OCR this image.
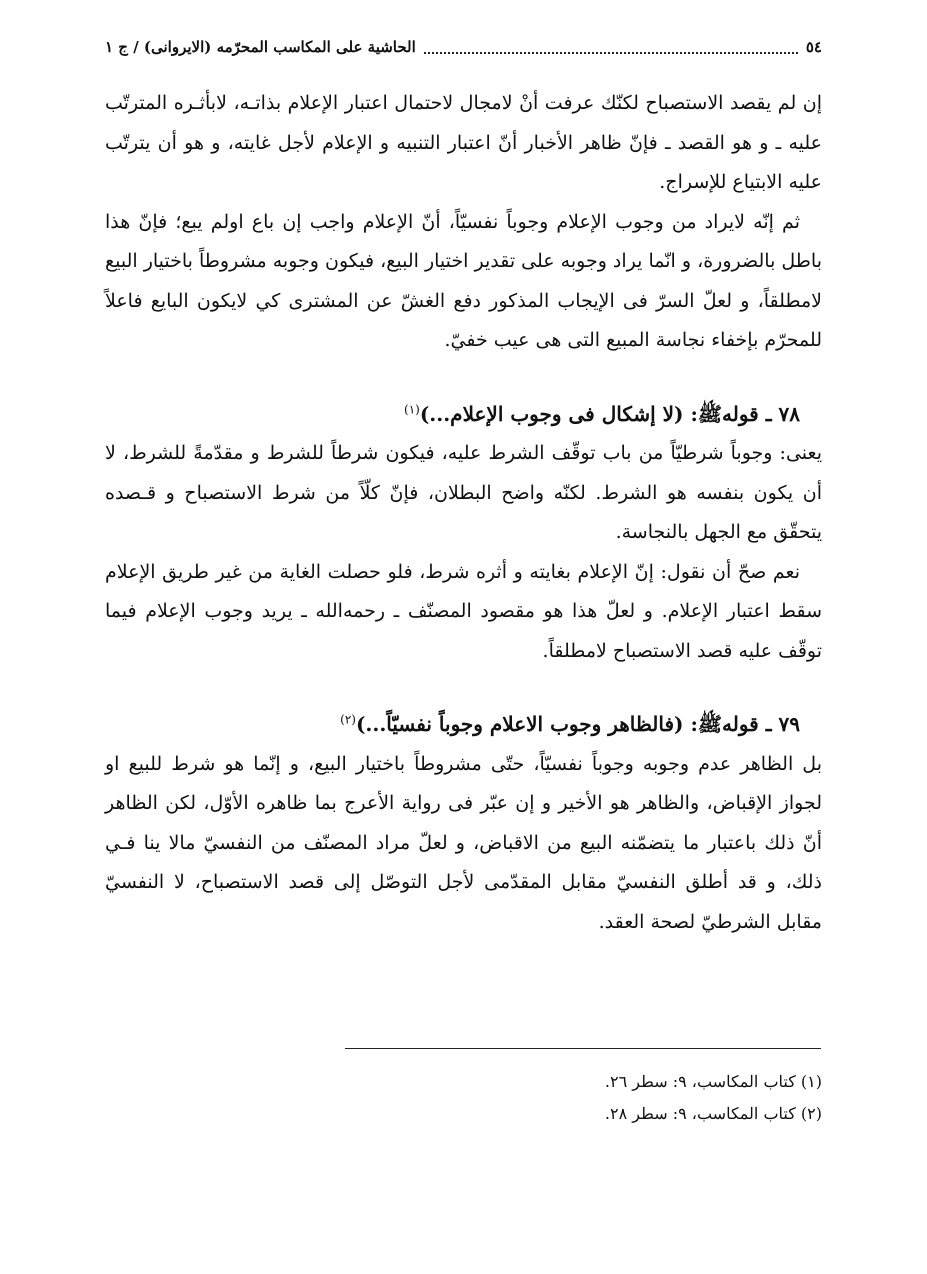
٥٤
الحاشية على المكاسب المحرّمه (الايروانى) / ج ١

إن لم يقصد الاستصباح لكنّك عرفت أنْ لامجال لاحتمال اعتبار الإعلام بذاتـه، لابأثـره المترتّب عليه ـ و هو القصد ـ فإنّ ظاهر الأخبار أنّ اعتبار التنبيه و الإعلام لأجل غايته، و هو أن يترتّب عليه الابتياع للإسراج.

ثم إنّه لايراد من وجوب الإعلام وجوباً نفسيّاً، أنّ الإعلام واجب إن باع اولم يبع؛ فإنّ هذا باطل بالضرورة، و انّما يراد وجوبه على تقدير اختيار البيع، فيكون وجوبه مشروطاً باختيار البيع لامطلقاً، و لعلّ السرّ فى الإيجاب المذكور دفع الغشّ عن المشترى كي لايكون البايع فاعلاً للمحرّم بإخفاء نجاسة المبيع التى هى عيب خفيّ.

٧٨ ـ قوله‌ﷺ: (لا إشكال فى وجوب الإعلام...)$^{(١)}$

يعنى: وجوباً شرطيّاً من باب توقّف الشرط عليه، فيكون شرطاً للشرط و مقدّمةً للشرط، لا أن يكون بنفسه هو الشرط. لكنّه واضح البطلان، فإنّ كلّاً من شرط الاستصباح و قـصده يتحقّق مع الجهل بالنجاسة.

نعم صحّ أن نقول: إنّ الإعلام بغايته و أثره شرط، فلو حصلت الغاية من غير طريق الإعلام سقط اعتبار الإعلام. و لعلّ هذا هو مقصود المصنّف ـ رحمه‌الله ـ يريد وجوب الإعلام فيما توقّف عليه قصد الاستصباح لامطلقاً.

٧٩ ـ قوله‌ﷺ: (فالظاهر وجوب الاعلام وجوباً نفسيّاً...)$^{(٢)}$

بل الظاهر عدم وجوبه وجوباً نفسيّاً، حتّى مشروطاً باختيار البيع، و إنّما هو شرط للبيع او لجواز الإقباض، والظاهر هو الأخير و إن عبّر فى رواية الأعرج بما ظاهره الأوّل، لكن الظاهر أنّ ذلك باعتبار ما يتضمّنه البيع من الاقباض، و لعلّ مراد المصنّف من النفسيّ مالا ينا فـي ذلك، و قد أطلق النفسيّ مقابل المقدّمى لأجل التوصّل إلى قصد الاستصباح، لا النفسيّ مقابل الشرطيّ لصحة العقد.

(١) كتاب المكاسب، ٩: سطر ٢٦.

(٢) كتاب المكاسب، ٩: سطر ٢٨.
